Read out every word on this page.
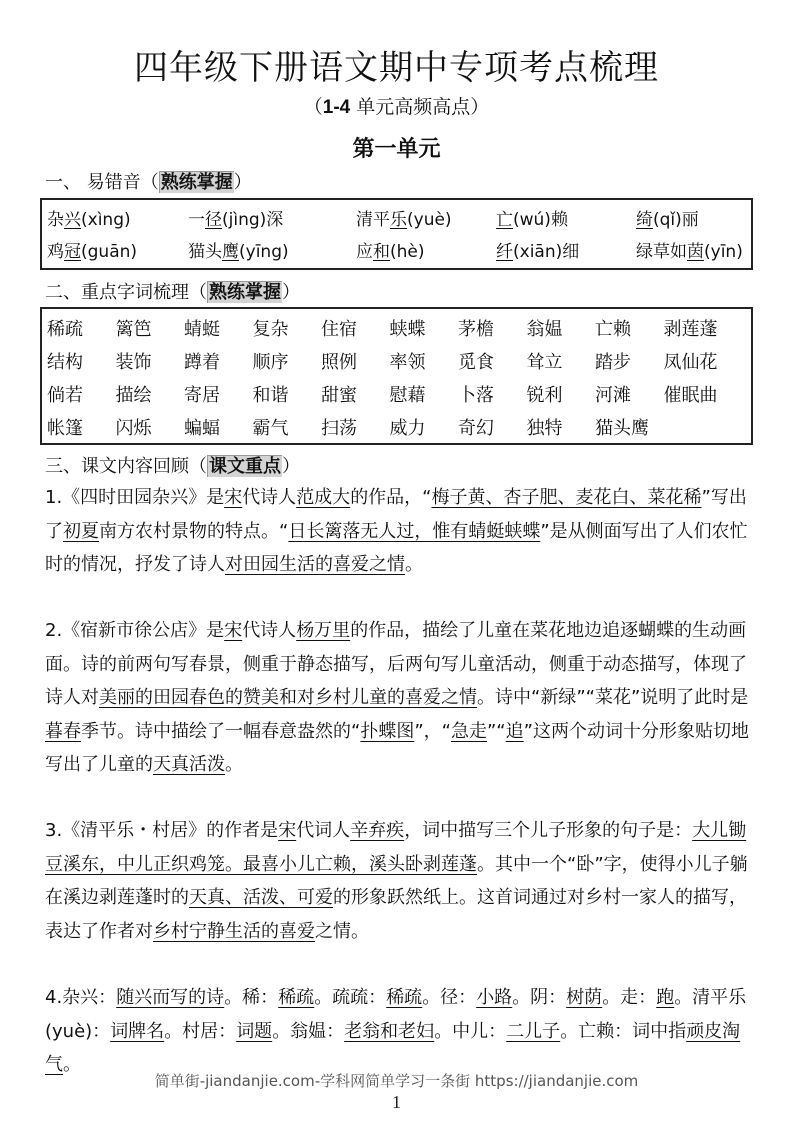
四年级下册语文期中专项考点梳理
（1-4 单元高频高点）
第一单元
一、 易错音（ 熟练掌握）
杂兴(xìng)	一径(jìng)深	清平乐(yuè)	亡(wú)赖	绮(qǐ)丽
鸡冠(guān)	猫头鹰(yīng)	应和(hè)	纤(xiān)细	绿草如茵(yīn)
二、重点字词梳理（ 熟练掌握）
稀疏	篱笆	蜻蜓	复杂	住宿	蛱蝶	茅檐	翁媪	亡赖	剥莲蓬
结构	装饰	蹲着	顺序	照例	率领	觅食	耸立	踏步	凤仙花
倘若	描绘	寄居	和谐	甜蜜	慰藉	卜落	锐利	河滩	催眠曲
帐篷	闪烁	蝙蝠	霸气	扫荡	威力	奇幻	独特	猫头鹰
三、课文内容回顾（ 课文重点）
1.《四时田园杂兴》是宋代诗人范成大的作品，“梅子黄、杏子肥、麦花白、菜花稀”写出了初夏南方农村景物的特点。“日长篱落无人过，惟有蜻蜓蛱蝶”是从侧面写出了人们农忙时的情况，抒发了诗人对田园生活的喜爱之情。
2.《宿新市徐公店》是宋代诗人杨万里的作品，描绘了儿童在菜花地边追逐蝴蝶的生动画面。诗的前两句写春景，侧重于静态描写，后两句写儿童活动，侧重于动态描写，体现了诗人对美丽的田园春色的赞美和对乡村儿童的喜爱之情。诗中“新绿”“菜花”说明了此时是暮春季节。诗中描绘了一幅春意盎然的“扑蝶图”，“急走”“追”这两个动词十分形象贴切地写出了儿童的天真活泼。
3.《清平乐・村居》的作者是宋代词人辛弃疾，词中描写三个儿子形象的句子是：大儿锄豆溪东，中儿正织鸡笼。最喜小儿亡赖，溪头卧剥莲蓬。其中一个“卧”字，使得小儿子躺在溪边剥莲蓬时的天真、活泼、可爱的形象跃然纸上。这首词通过对乡村一家人的描写，表达了作者对乡村宁静生活的喜爱之情。
4.杂兴：随兴而写的诗。稀：稀疏。疏疏：稀疏。径：小路。阴：树荫。走：跑。清平乐(yuè)：词牌名。村居：词题。翁媪：老翁和老妇。中儿：二儿子。亡赖：词中指顽皮淘气。
简单街-jiandanjie.com-学科网简单学习一条街 https://jiandanjie.com
1
